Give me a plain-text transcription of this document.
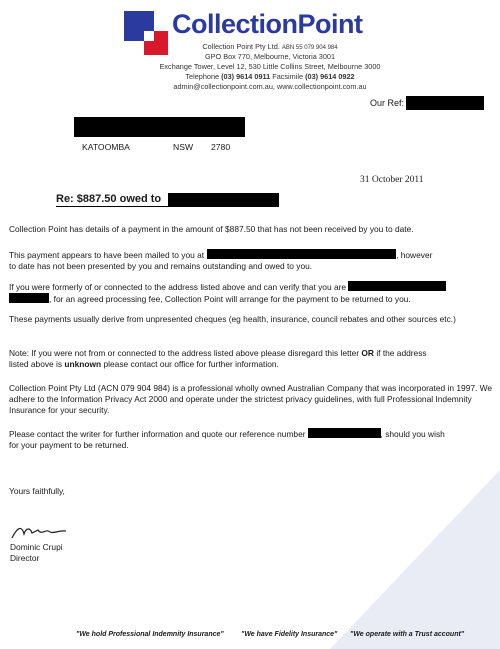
CollectionPoint
Collection Point Pty Ltd. ABN 55 079 904 984
GPO Box 770, Melbourne, Victoria 3001
Exchange Tower, Level 12, 530 Little Collins Street, Melbourne 3000
Telephone (03) 9614 0911 Facsimile (03) 9614 0922
admin@collectionpoint.com.au, www.collectionpoint.com.au
Our Ref:
KATOOMBA	NSW 2780
31 October 2011
Re: $887.50 owed to
Collection Point has details of a payment in the amount of $887.50 that has not been received by you to date.
This payment appears to have been mailed to you at	, however
to date has not been presented by you and remains outstanding and owed to you.
If you were formerly of or connected to the address listed above and can verify that you are
, for an agreed processing fee, Collection Point will arrange for the payment to be returned to you.
These payments usually derive from unpresented cheques (eg health, insurance, council rebates and other sources etc.)
Note: If you were not from or connected to the address listed above please disregard this letter OR if the address
listed above is unknown please contact our office for further information.
Collection Point Pty Ltd (ACN 079 904 984) is a professional wholly owned Australian Company that was incorporated in 1997. We adhere to the Information Privacy Act 2000 and operate under the strictest privacy guidelines, with full Professional Indemnity Insurance for your security.
Please contact the writer for further information and quote our reference number	, should you wish
for your payment to be returned.
Yours faithfully,
Dominic Crupi
Director
"We hold Professional Indemnity Insurance" "We have Fidelity Insurance" "We operate with a Trust account"
